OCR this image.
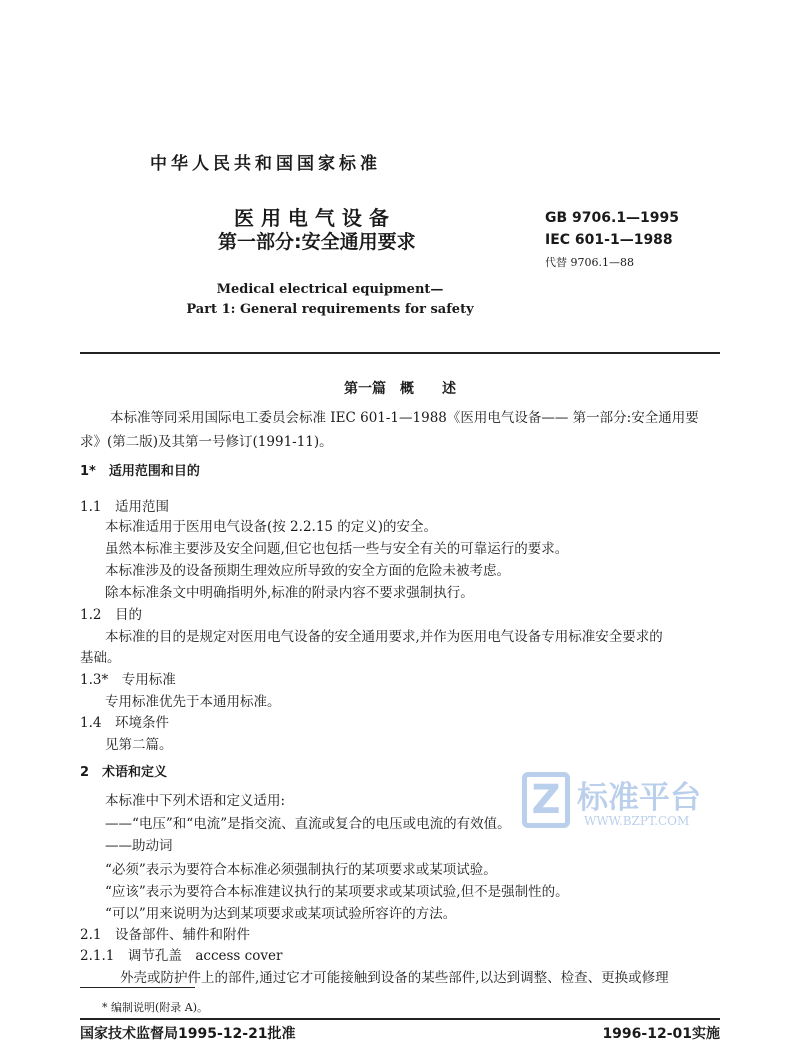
中华人民共和国国家标准
医 用 电 气 设 备
第一部分:安全通用要求
GB 9706.1—1995
IEC 601-1—1988
代替 9706.1—88
Medical electrical equipment—
Part 1: General requirements for safety
第一篇　概　　述
本标准等同采用国际电工委员会标准 IEC 601-1—1988《医用电气设备—— 第一部分:安全通用要
求》(第二版)及其第一号修订(1991-11)。
1*　适用范围和目的
1.1　适用范围
本标准适用于医用电气设备(按 2.2.15 的定义)的安全。
虽然本标准主要涉及安全问题,但它也包括一些与安全有关的可靠运行的要求。
本标准涉及的设备预期生理效应所导致的安全方面的危险未被考虑。
除本标准条文中明确指明外,标准的附录内容不要求强制执行。
1.2　目的
本标准的目的是规定对医用电气设备的安全通用要求,并作为医用电气设备专用标准安全要求的
基础。
1.3*　专用标准
专用标准优先于本通用标准。
1.4　环境条件
见第二篇。
2　术语和定义
本标准中下列术语和定义适用:
——“电压”和“电流”是指交流、直流或复合的电压或电流的有效值。
——助动词
“必须”表示为要符合本标准必须强制执行的某项要求或某项试验。
“应该”表示为要符合本标准建议执行的某项要求或某项试验,但不是强制性的。
“可以”用来说明为达到某项要求或某项试验所容许的方法。
2.1　设备部件、辅件和附件
2.1.1　调节孔盖　access cover
外壳或防护件上的部件,通过它才可能接触到设备的某些部件,以达到调整、检查、更换或修理
* 编制说明(附录 A)。
国家技术监督局1995-12-21批准	1996-12-01实施
Z 标准平台
WWW.BZPT.COM
